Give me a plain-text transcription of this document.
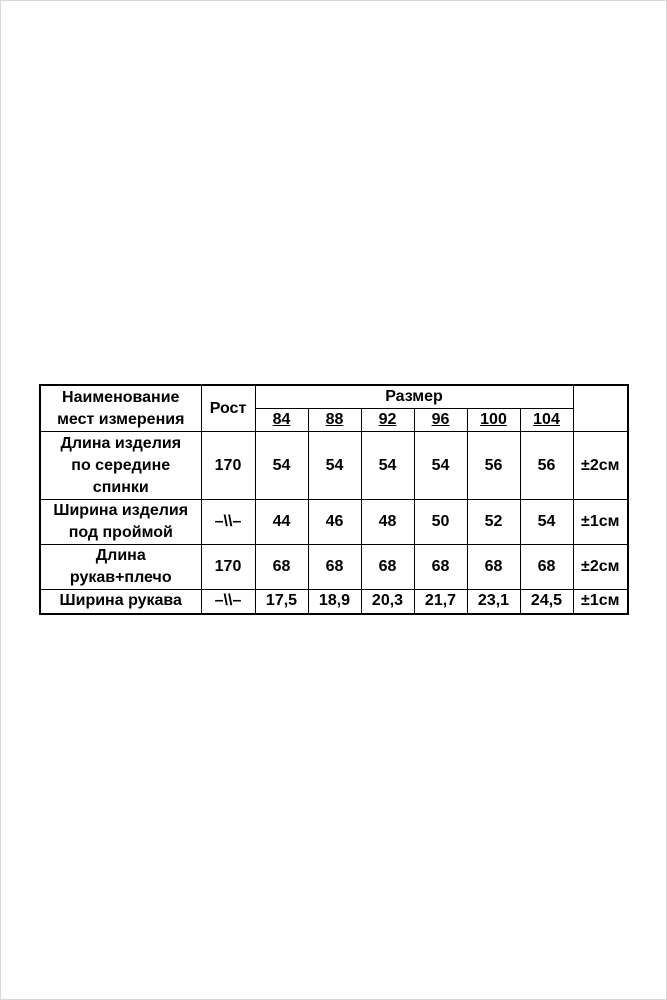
Наименование
мест измерения	Рост	Размер						
		84	88	92	96	100	104	

Длина изделия
по середине
спинки	170	54	54	54	54	56	56	±2см

Ширина изделия
под проймой	–\\–	44	46	48	50	52	54	±1см

Длина
рукав+плечо	170	68	68	68	68	68	68	±2см

Ширина рукава	–\\–	17,5	18,9	20,3	21,7	23,1	24,5	±1см
